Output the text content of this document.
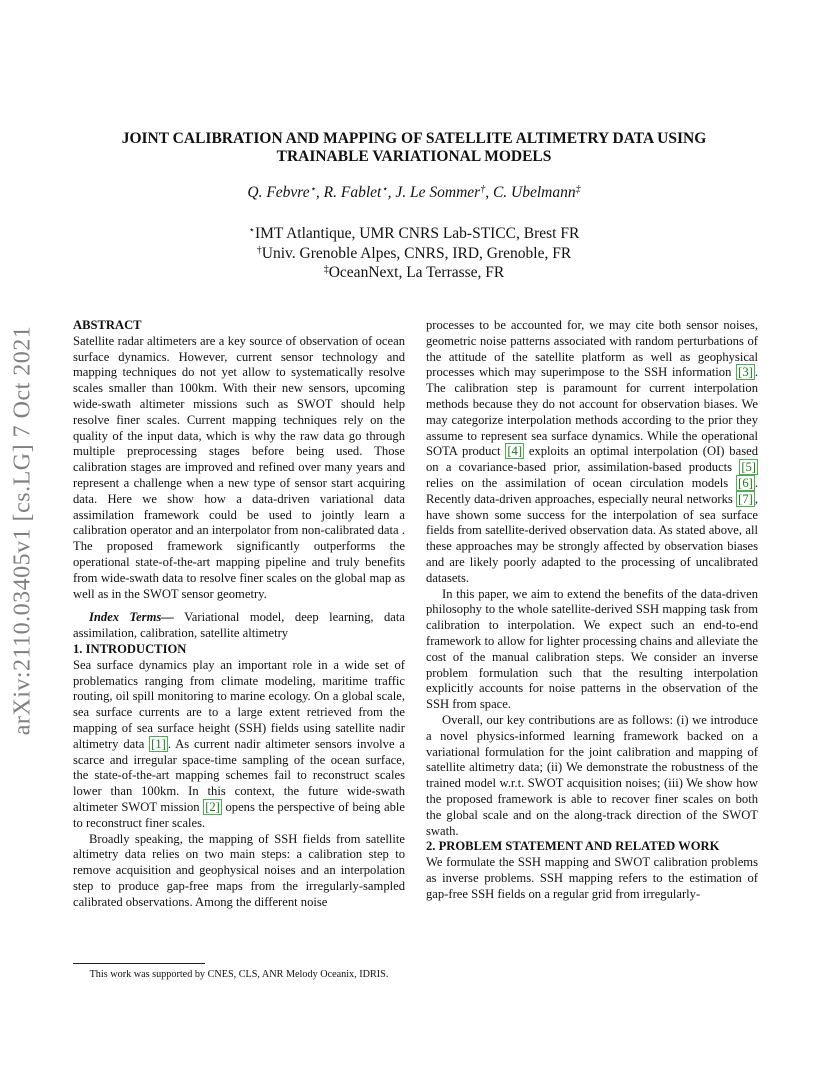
arXiv:2110.03405v1 [cs.LG] 7 Oct 2021
JOINT CALIBRATION AND MAPPING OF SATELLITE ALTIMETRY DATA USING
TRAINABLE VARIATIONAL MODELS
Q. Febvre⋆, R. Fablet⋆, J. Le Sommer†, C. Ubelmann‡
⋆IMT Atlantique, UMR CNRS Lab-STICC, Brest FR
†Univ. Grenoble Alpes, CNRS, IRD, Grenoble, FR
‡OceanNext, La Terrasse, FR

ABSTRACT

Satellite radar altimeters are a key source of observation of ocean surface dynamics. However, current sensor technology and mapping techniques do not yet allow to systematically resolve scales smaller than 100km. With their new sensors, upcoming wide-swath altimeter missions such as SWOT should help resolve finer scales. Current mapping techniques rely on the quality of the input data, which is why the raw data go through multiple preprocessing stages before being used. Those calibration stages are improved and refined over many years and represent a challenge when a new type of sensor start acquiring data. Here we show how a data-driven variational data assimilation framework could be used to jointly learn a calibration operator and an interpolator from non-calibrated data . The proposed framework significantly outperforms the operational state-of-the-art mapping pipeline and truly benefits from wide-swath data to resolve finer scales on the global map as well as in the SWOT sensor geometry.

Index Terms— Variational model, deep learning, data assimilation, calibration, satellite altimetry

1. INTRODUCTION

Sea surface dynamics play an important role in a wide set of problematics ranging from climate modeling, maritime traffic routing, oil spill monitoring to marine ecology. On a global scale, sea surface currents are to a large extent retrieved from the mapping of sea surface height (SSH) fields using satellite nadir altimetry data [1] . As current nadir altimeter sensors involve a scarce and irregular space-time sampling of the ocean surface, the state-of-the-art mapping schemes fail to reconstruct scales lower than 100km. In this context, the future wide-swath altimeter SWOT mission [2] opens the perspective of being able to reconstruct finer scales.

Broadly speaking, the mapping of SSH fields from satellite altimetry data relies on two main steps: a calibration step to remove acquisition and geophysical noises and an interpolation step to produce gap-free maps from the irregularly-sampled calibrated observations. Among the different noise

processes to be accounted for, we may cite both sensor noises, geometric noise patterns associated with random perturbations of the attitude of the satellite platform as well as geophysical processes which may superimpose to the SSH information [3] . The calibration step is paramount for current interpolation methods because they do not account for observation biases. We may categorize interpolation methods according to the prior they assume to represent sea surface dynamics. While the operational SOTA product [4] exploits an optimal interpolation (OI) based on a covariance-based prior, assimilation-based products [5] relies on the assimilation of ocean circulation models [6] . Recently data-driven approaches, especially neural networks [7] , have shown some success for the interpolation of sea surface fields from satellite-derived observation data. As stated above, all these approaches may be strongly affected by observation biases and are likely poorly adapted to the processing of uncalibrated datasets.

In this paper, we aim to extend the benefits of the data-driven philosophy to the whole satellite-derived SSH mapping task from calibration to interpolation. We expect such an end-to-end framework to allow for lighter processing chains and alleviate the cost of the manual calibration steps. We consider an inverse problem formulation such that the resulting interpolation explicitly accounts for noise patterns in the observation of the SSH from space.

Overall, our key contributions are as follows: (i) we introduce a novel physics-informed learning framework backed on a variational formulation for the joint calibration and mapping of satellite altimetry data; (ii) We demonstrate the robustness of the trained model w.r.t. SWOT acquisition noises; (iii) We show how the proposed framework is able to recover finer scales on both the global scale and on the along-track direction of the SWOT swath.

2. PROBLEM STATEMENT AND RELATED WORK

We formulate the SSH mapping and SWOT calibration problems as inverse problems. SSH mapping refers to the estimation of gap-free SSH fields on a regular grid from irregularly-

This work was supported by CNES, CLS, ANR Melody Oceanix, IDRIS.
